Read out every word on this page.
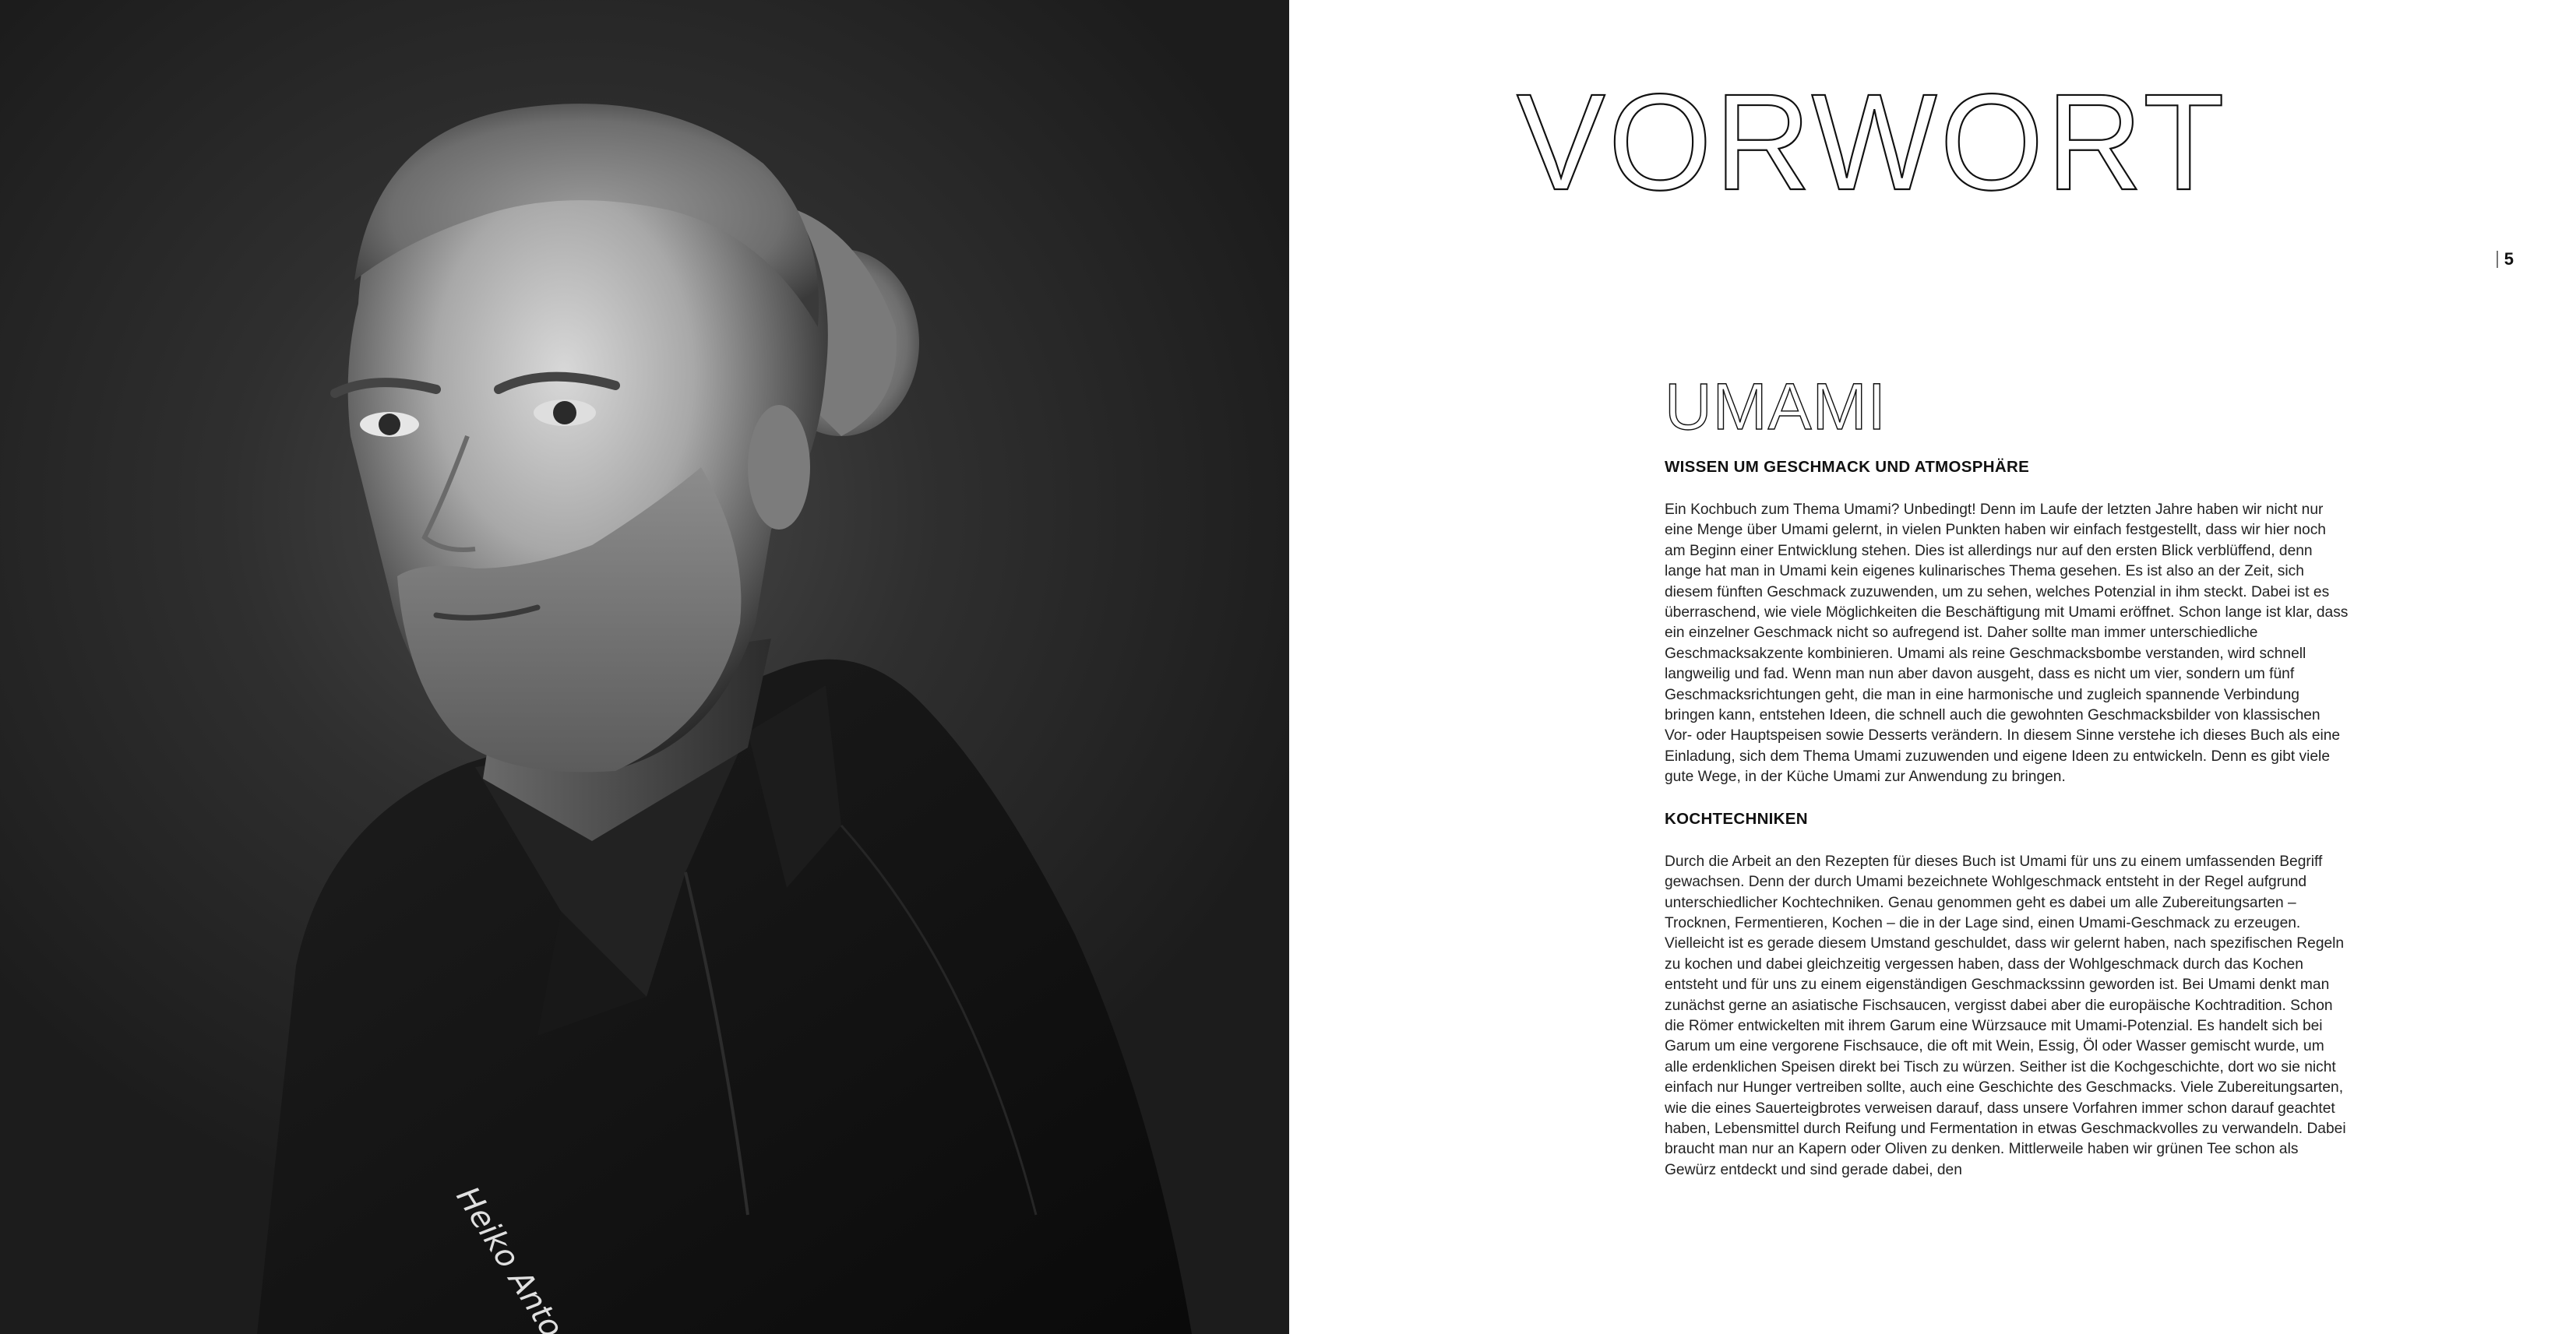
VORWORT
5
UMAMI
WISSEN UM GESCHMACK UND ATMOSPHÄRE

Ein Kochbuch zum Thema Umami? Unbedingt! Denn im Laufe der letzten Jahre haben wir nicht nur eine Menge über Umami gelernt, in vielen Punkten haben wir einfach festgestellt, dass wir hier noch am Beginn einer Entwicklung stehen. Dies ist allerdings nur auf den ersten Blick verblüffend, denn lange hat man in Umami kein eigenes kulinarisches Thema gesehen. Es ist also an der Zeit, sich diesem fünften Geschmack zuzuwenden, um zu sehen, welches Potenzial in ihm steckt. Dabei ist es überraschend, wie viele Möglichkeiten die Beschäftigung mit Umami eröffnet. Schon lange ist klar, dass ein einzelner Geschmack nicht so aufregend ist. Daher sollte man immer unterschiedliche Geschmacksakzente kombinieren. Umami als reine Geschmacksbombe verstanden, wird schnell langweilig und fad. Wenn man nun aber davon ausgeht, dass es nicht um vier, sondern um fünf Geschmacksrichtungen geht, die man in eine harmonische und zugleich spannende Verbindung bringen kann, entstehen Ideen, die schnell auch die gewohnten Geschmacksbilder von klassischen Vor- oder Hauptspeisen sowie Desserts verändern. In diesem Sinne verstehe ich dieses Buch als eine Einladung, sich dem Thema Umami zuzuwenden und eigene Ideen zu entwickeln. Denn es gibt viele gute Wege, in der Küche Umami zur Anwendung zu bringen.

KOCHTECHNIKEN

Durch die Arbeit an den Rezepten für dieses Buch ist Umami für uns zu einem umfassenden Begriff gewachsen. Denn der durch Umami bezeichnete Wohlgeschmack entsteht in der Regel aufgrund unterschiedlicher Kochtechniken. Genau genommen geht es dabei um alle Zubereitungsarten – Trocknen, Fermentieren, Kochen – die in der Lage sind, einen Umami-Geschmack zu erzeugen. Vielleicht ist es gerade diesem Umstand geschuldet, dass wir gelernt haben, nach spezifischen Regeln zu kochen und dabei gleichzeitig vergessen haben, dass der Wohlgeschmack durch das Kochen entsteht und für uns zu einem eigenständigen Geschmackssinn geworden ist. Bei Umami denkt man zunächst gerne an asiatische Fischsaucen, vergisst dabei aber die europäische Kochtradition. Schon die Römer entwickelten mit ihrem Garum eine Würzsauce mit Umami-Potenzial. Es handelt sich bei Garum um eine vergorene Fischsauce, die oft mit Wein, Essig, Öl oder Wasser gemischt wurde, um alle erdenklichen Speisen direkt bei Tisch zu würzen. Seither ist die Kochgeschichte, dort wo sie nicht einfach nur Hunger vertreiben sollte, auch eine Geschichte des Geschmacks. Viele Zubereitungsarten, wie die eines Sauerteigbrotes verweisen darauf, dass unsere Vorfahren immer schon darauf geachtet haben, Lebensmittel durch Reifung und Fermentation in etwas Geschmackvolles zu verwandeln. Dabei braucht man nur an Kapern oder Oliven zu denken. Mittlerweile haben wir grünen Tee schon als Gewürz entdeckt und sind gerade dabei, den
